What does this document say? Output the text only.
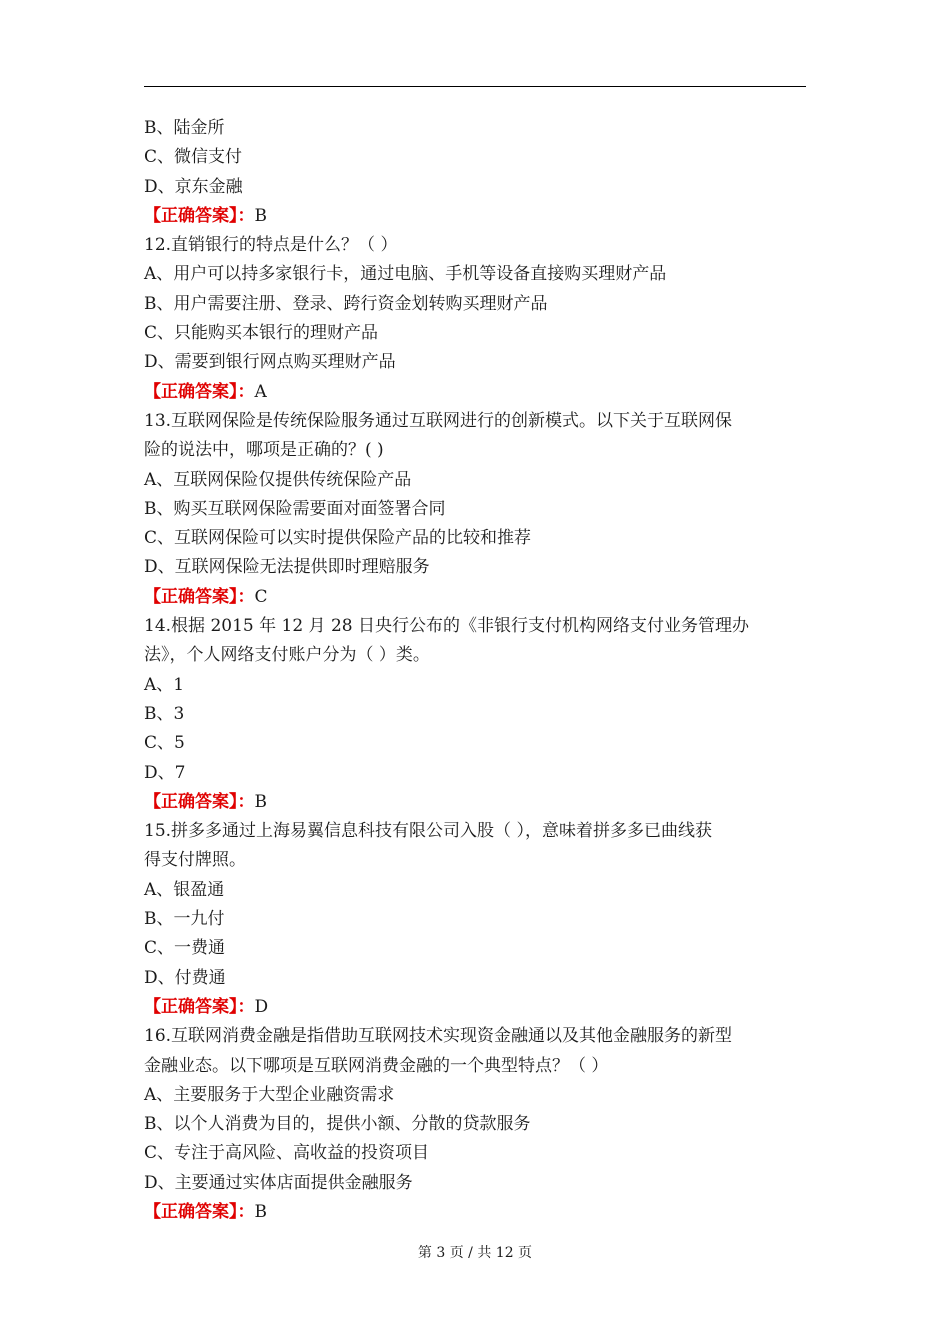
B、陆金所
C、微信支付
D、京东金融
【正确答案】：B
12.直销银行的特点是什么？（ ）
A、用户可以持多家银行卡，通过电脑、手机等设备直接购买理财产品
B、用户需要注册、登录、跨行资金划转购买理财产品
C、只能购买本银行的理财产品
D、需要到银行网点购买理财产品
【正确答案】：A
13.互联网保险是传统保险服务通过互联网进行的创新模式。以下关于互联网保
险的说法中，哪项是正确的？( )
A、互联网保险仅提供传统保险产品
B、购买互联网保险需要面对面签署合同
C、互联网保险可以实时提供保险产品的比较和推荐
D、互联网保险无法提供即时理赔服务
【正确答案】：C
14.根据 2015 年 12 月 28 日央行公布的《非银行支付机构网络支付业务管理办
法》，个人网络支付账户分为（ ）类。
A、1
B、3
C、5
D、7
【正确答案】：B
15.拼多多通过上海易翼信息科技有限公司入股（ ），意味着拼多多已曲线获
得支付牌照。
A、银盈通
B、一九付
C、一费通
D、付费通
【正确答案】：D
16.互联网消费金融是指借助互联网技术实现资金融通以及其他金融服务的新型
金融业态。以下哪项是互联网消费金融的一个典型特点？（ ）
A、主要服务于大型企业融资需求
B、以个人消费为目的，提供小额、分散的贷款服务
C、专注于高风险、高收益的投资项目
D、主要通过实体店面提供金融服务
【正确答案】：B
第 3 页 / 共 12 页
